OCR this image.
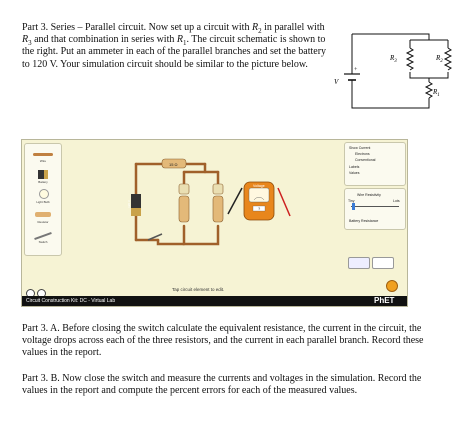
Part 3. Series – Parallel circuit. Now set up a circuit with $R_2$ in parallel with $R_3$ and that combination in series with $R_1$. The circuit schematic is shown to the right. Put an ammeter in each of the parallel branches and set the battery to 120 V. Your simulation circuit should be similar to the picture below.

+
V
$R_3$	$R_2$
$R_1$
Wire
Battery
Light Bulb
Resistor
Switch
15 Ω
Voltage
?
120 V
Show Current
Electrons
Conventional
Labels
Values
Wire Resistivity
Tiny	Lots
Battery Resistance
Tap circuit element to edit.
Circuit Construction Kit: DC - Virtual Lab	PhET

Part 3. A. Before closing the switch calculate the equivalent resistance, the current in the circuit, the voltage drops across each of the three resistors, and the current in each parallel branch. Record these values in the report.

Part 3. B. Now close the switch and measure the currents and voltages in the simulation. Record the values in the report and compute the percent errors for each of the measured values.
